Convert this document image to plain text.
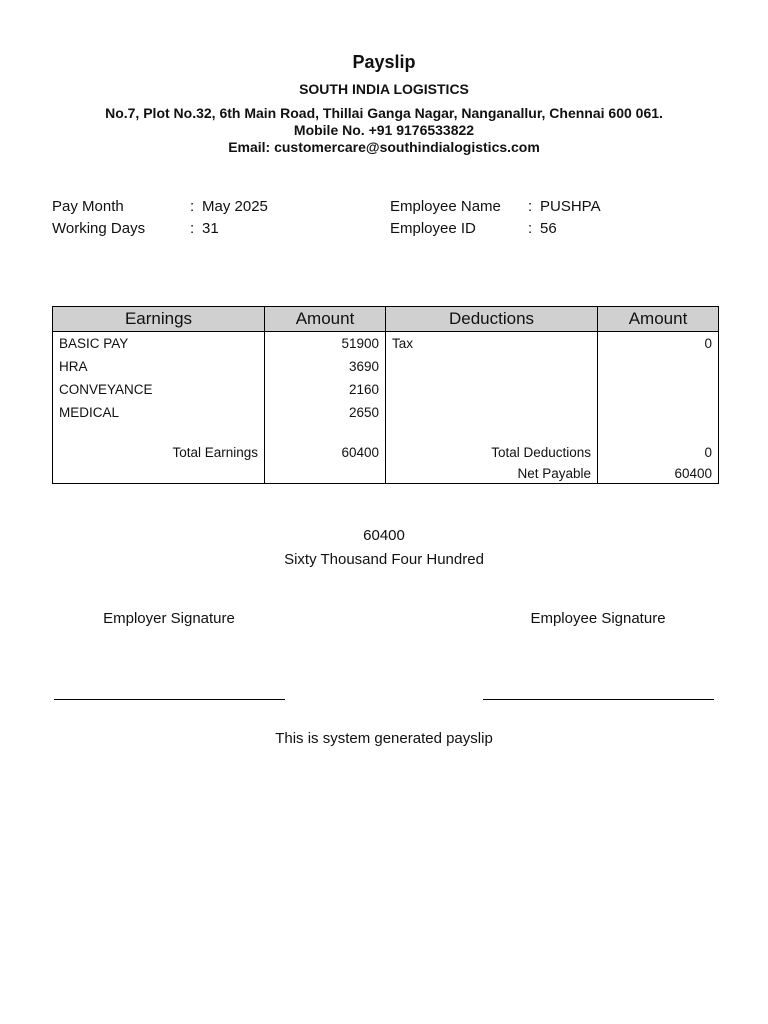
Payslip
SOUTH INDIA LOGISTICS
No.7, Plot No.32, 6th Main Road, Thillai Ganga Nagar, Nanganallur, Chennai 600 061.
Mobile No. +91 9176533822
Email: customercare@southindialogistics.com
Pay Month	: May 2025
Working Days	: 31
Employee Name : PUSHPA
Employee ID	: 56
Earnings	Amount	Deductions	Amount
BASIC PAY	51900	Tax	0
HRA	3690		
CONVEYANCE	2160		
MEDICAL	2650		

Total Earnings	60400	Total Deductions	0
		Net Payable	60400
60400
Sixty Thousand Four Hundred
Employer Signature	Employee Signature
This is system generated payslip
